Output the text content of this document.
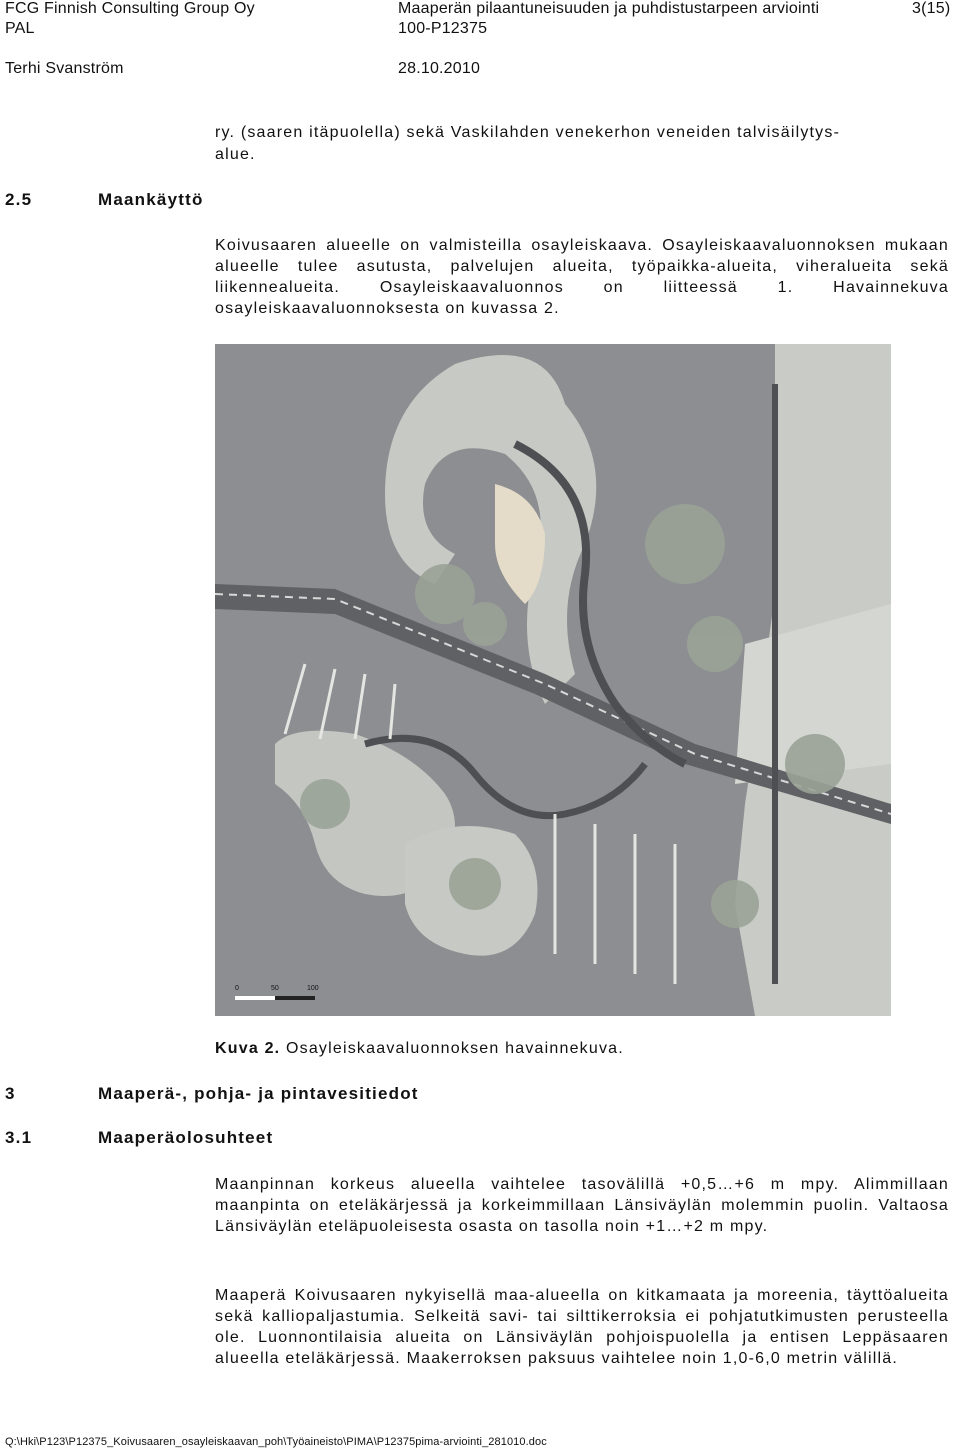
FCG Finnish Consulting Group Oy
PAL
Maaperän pilaantuneisuuden ja puhdistustarpeen arviointi
100-P12375
3(15)
Terhi Svanström	28.10.2010
ry. (saaren itäpuolella) sekä Vaskilahden venekerhon veneiden talvisäilytys-
alue.
2.5	Maankäyttö

Koivusaaren alueelle on valmisteilla osayleiskaava. Osayleiskaavaluonnoksen mukaan alueelle tulee asutusta, palvelujen alueita, työpaikka-alueita, viheralueita sekä liikennealueita. Osayleiskaavaluonnos on liitteessä 1. Havainnekuva osayleiskaavaluonnoksesta on kuvassa 2.

0	50	100
Kuva 2. Osayleiskaavaluonnoksen havainnekuva.
3	Maaperä-, pohja- ja pintavesitiedot
3.1	Maaperäolosuhteet

Maanpinnan korkeus alueella vaihtelee tasovälillä +0,5…+6 m mpy. Alimmillaan maanpinta on eteläkärjessä ja korkeimmillaan Länsiväylän molemmin puolin. Valtaosa Länsiväylän eteläpuoleisesta osasta on tasolla noin +1…+2 m mpy.

Maaperä Koivusaaren nykyisellä maa-alueella on kitkamaata ja moreenia, täyttöalueita sekä kalliopaljastumia. Selkeitä savi- tai silttikerroksia ei pohjatutkimusten perusteella ole. Luonnontilaisia alueita on Länsiväylän pohjoispuolella ja entisen Leppäsaaren alueella eteläkärjessä. Maakerroksen paksuus vaihtelee noin 1,0-6,0 metrin välillä.

Q:\Hki\P123\P12375_Koivusaaren_osayleiskaavan_poh\Työaineisto\PIMA\P12375pima-arviointi_281010.doc
